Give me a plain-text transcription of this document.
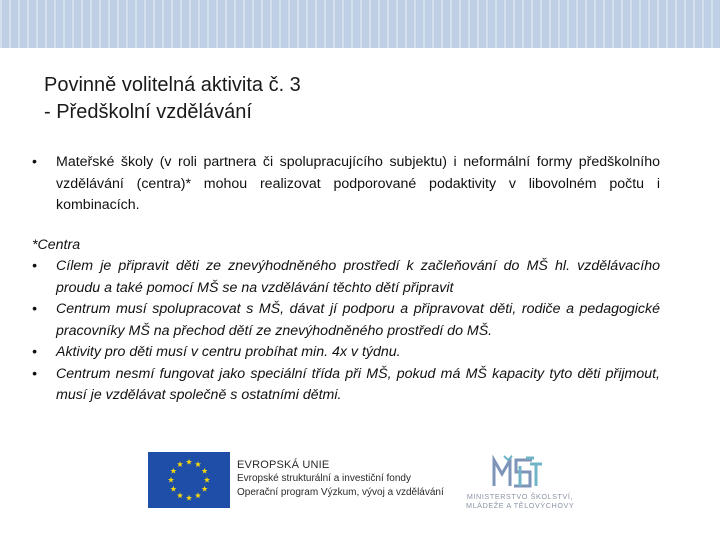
Povinně volitelná aktivita č. 3
- Předškolní vzdělávání
•	Mateřské školy (v roli partnera či spolupracujícího subjektu) i neformální formy předškolního vzdělávání (centra)* mohou realizovat podporované podaktivity v libovolném počtu i kombinacích.
*Centra
•	Cílem je připravit děti ze znevýhodněného prostředí k začleňování do MŠ hl. vzdělávacího proudu a také pomocí MŠ se na vzdělávání těchto dětí připravit
•	Centrum musí spolupracovat s MŠ, dávat jí podporu a připravovat děti, rodiče a pedagogické pracovníky MŠ na přechod dětí ze znevýhodněného prostředí do MŠ.
•	Aktivity pro děti musí v centru probíhat min. 4x v týdnu.
•	Centrum nesmí fungovat jako speciální třída při MŠ, pokud má MŠ kapacity tyto děti přijmout, musí je vzdělávat společně s ostatními dětmi.
EVROPSKÁ UNIE
Evropské strukturální a investiční fondy
Operační program Výzkum, vývoj a vzdělávání	MINISTERSTVO ŠKOLSTVÍ,
MLÁDEŽE A TĚLOVÝCHOVY
